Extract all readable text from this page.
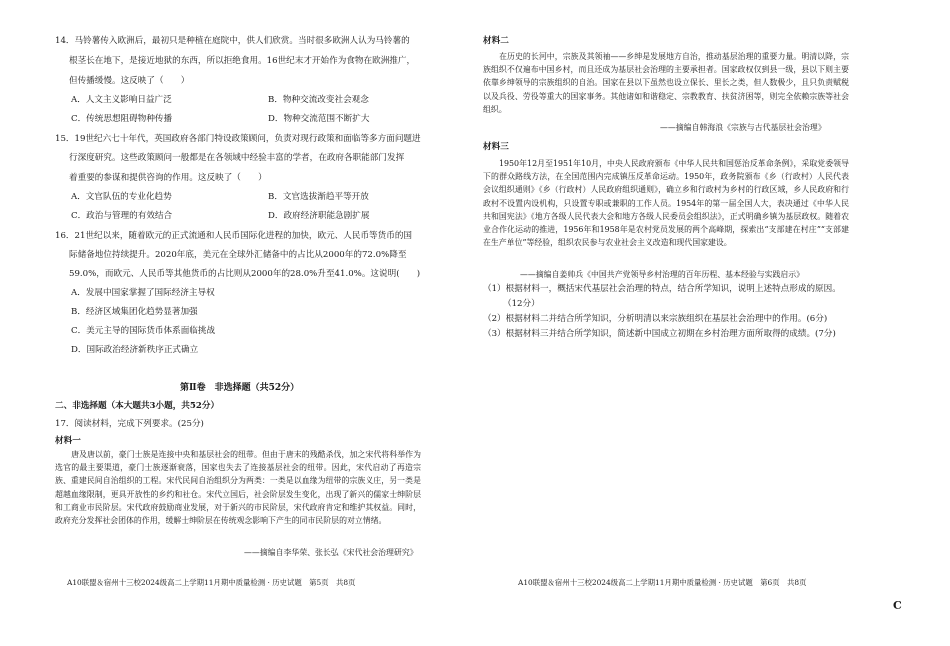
14．马铃薯传入欧洲后，最初只是种植在庭院中，供人们欣赏。当时很多欧洲人认为马铃薯的
根茎长在地下，是接近地狱的东西，所以拒绝食用。16世纪末才开始作为食物在欧洲推广，
但传播缓慢。这反映了（　　）
A．人文主义影响日益广泛	B．物种交流改变社会观念
C．传统思想阻碍物种传播	D．物种交流范围不断扩大
15．19世纪六七十年代，英国政府各部门特设政策顾问，负责对现行政策和面临等多方面问题进
行深度研究。这些政策顾问一般都是在各领域中经验丰富的学者，在政府各职能部门发挥
着重要的参谋和提供咨询的作用。这反映了（　　）
A．文官队伍的专业化趋势	B．文官选拔渐趋平等开放
C．政治与管理的有效结合	D．政府经济职能急剧扩展
16．21世纪以来，随着欧元的正式流通和人民币国际化进程的加快，欧元、人民币等货币的国
际储备地位持续提升。2020年底，美元在全球外汇储备中的占比从2000年的72.0%降至
59.0%，而欧元、人民币等其他货币的占比则从2000年的28.0%升至41.0%。这说明(　　)
A．发展中国家掌握了国际经济主导权
B．经济区域集团化趋势显著加强
C．美元主导的国际货币体系面临挑战
D．国际政治经济新秩序正式确立
第Ⅱ卷　非选择题（共52分）
二、非选择题（本大题共3小题，共52分）
17．阅读材料，完成下列要求。(25分)
材料一
唐及唐以前，豪门士族是连接中央和基层社会的纽带。但由于唐末的残酷杀伐，加之宋代将科举作为选官的最主要渠道，豪门士族逐渐衰落，国家也失去了连接基层社会的纽带。因此，宋代启动了再造宗族、重建民间自治组织的工程。宋代民间自治组织分为两类：一类是以血缘为纽带的宗族义庄，另一类是超越血缘限制，更具开放性的乡约和社仓。宋代立国后，社会阶层发生变化，出现了新兴的儒家士绅阶层和工商业市民阶层。宋代政府鼓励商业发展，对于新兴的市民阶层，宋代政府肯定和维护其权益。同时，政府充分发挥社会团体的作用，缓解士绅阶层在传统观念影响下产生的同市民阶层的对立情绪。
——摘编自李华荣、张长弘《宋代社会治理研究》
A10联盟＆宿州十三校2024级高二上学期11月期中质量检测 · 历史试题　第5页　共8页
材料二
在历史的长河中，宗族及其领袖——乡绅是发展地方自治，推动基层治理的重要力量。明清以降，宗族组织不仅遍布中国乡村，而且还成为基层社会治理的主要承担者。国家政权仅到县一级，县以下则主要依靠乡绅领导的宗族组织的自治。国家在县以下虽然也设立保长、里长之类，但人数极少，且只负责赋税以及兵役、劳役等重大的国家事务。其他诸如和谐稳定、宗教教育、扶贫济困等，则完全依赖宗族等社会组织。
——摘编自韩海浪《宗族与古代基层社会治理》
材料三
1950年12月至1951年10月，中央人民政府颁布《中华人民共和国惩治反革命条例》，采取党委领导下的群众路线方法，在全国范围内完成镇压反革命运动。1950年，政务院颁布《乡（行政村）人民代表会议组织通则》《乡（行政村）人民政府组织通则》，确立乡和行政村为乡村的行政区域，乡人民政府和行政村不设置内设机构，只设置专职或兼职的工作人员。1954年的第一届全国人大，表决通过《中华人民共和国宪法》《地方各级人民代表大会和地方各级人民委员会组织法》，正式明确乡镇为基层政权。随着农业合作化运动的推进，1956年和1958年是农村党员发展的两个高峰期，探索出“支部建在村庄”“支部建在生产单位”等经验，组织农民参与农业社会主义改造和现代国家建设。
——摘编自姜帅兵《中国共产党领导乡村治理的百年历程、基本经验与实践启示》
（1）根据材料一，概括宋代基层社会治理的特点，结合所学知识，说明上述特点形成的原因。
（12分）
（2）根据材料二并结合所学知识，分析明清以来宗族组织在基层社会治理中的作用。(6分)
（3）根据材料三并结合所学知识，简述新中国成立初期在乡村治理方面所取得的成绩。(7分)
A10联盟＆宿州十三校2024级高二上学期11月期中质量检测 · 历史试题　第6页　共8页
C
